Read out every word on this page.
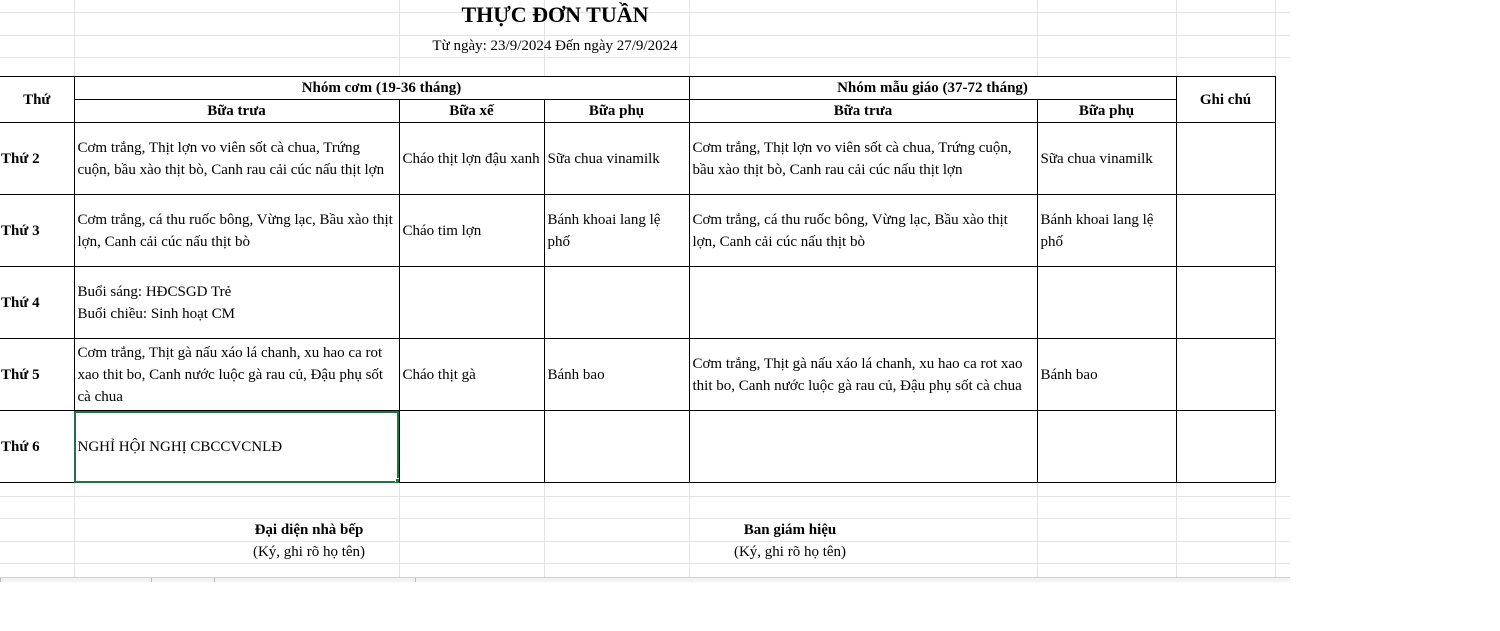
THỰC ĐƠN TUẦN
Từ ngày: 23/9/2024 Đến ngày 27/9/2024
Thứ	Nhóm cơm (19-36 tháng)			Nhóm mẫu giáo (37-72 tháng)		Ghi chú
	Bữa trưa	Bữa xế	Bữa phụ	Bữa trưa	Bữa phụ	
Thứ 2	Cơm trắng, Thịt lợn vo viên sốt cà chua, Trứng cuộn, bầu xào thịt bò, Canh rau cải cúc nấu thịt lợn	Cháo thịt lợn đậu xanh	Sữa chua vinamilk	Cơm trắng, Thịt lợn vo viên sốt cà chua, Trứng cuộn, bầu xào thịt bò, Canh rau cải cúc nấu thịt lợn	Sữa chua vinamilk	
Thứ 3	Cơm trắng, cá thu ruốc bông, Vừng lạc, Bầu xào thịt lợn, Canh cải cúc nấu thịt bò	Cháo tim lợn	Bánh khoai lang lệ phố	Cơm trắng, cá thu ruốc bông, Vừng lạc, Bầu xào thịt lợn, Canh cải cúc nấu thịt bò	Bánh khoai lang lệ phố	
Thứ 4	Buổi sáng: HĐCSGD Trẻ
Buổi chiều: Sinh hoạt CM					

Thứ 5	Cơm trắng, Thịt gà nấu xáo lá chanh, xu hao ca rot xao thit bo, Canh nước luộc gà rau củ, Đậu phụ sốt cà chua	Cháo thịt gà	Bánh bao	Cơm trắng, Thịt gà nấu xáo lá chanh, xu hao ca rot xao thit bo, Canh nước luộc gà rau củ, Đậu phụ sốt cà chua	Bánh bao	
Thứ 6	NGHỈ HỘI NGHỊ CBCCVCNLĐ

Đại diện nhà bếp
(Ký, ghi rõ họ tên)
Ban giám hiệu
(Ký, ghi rõ họ tên)
